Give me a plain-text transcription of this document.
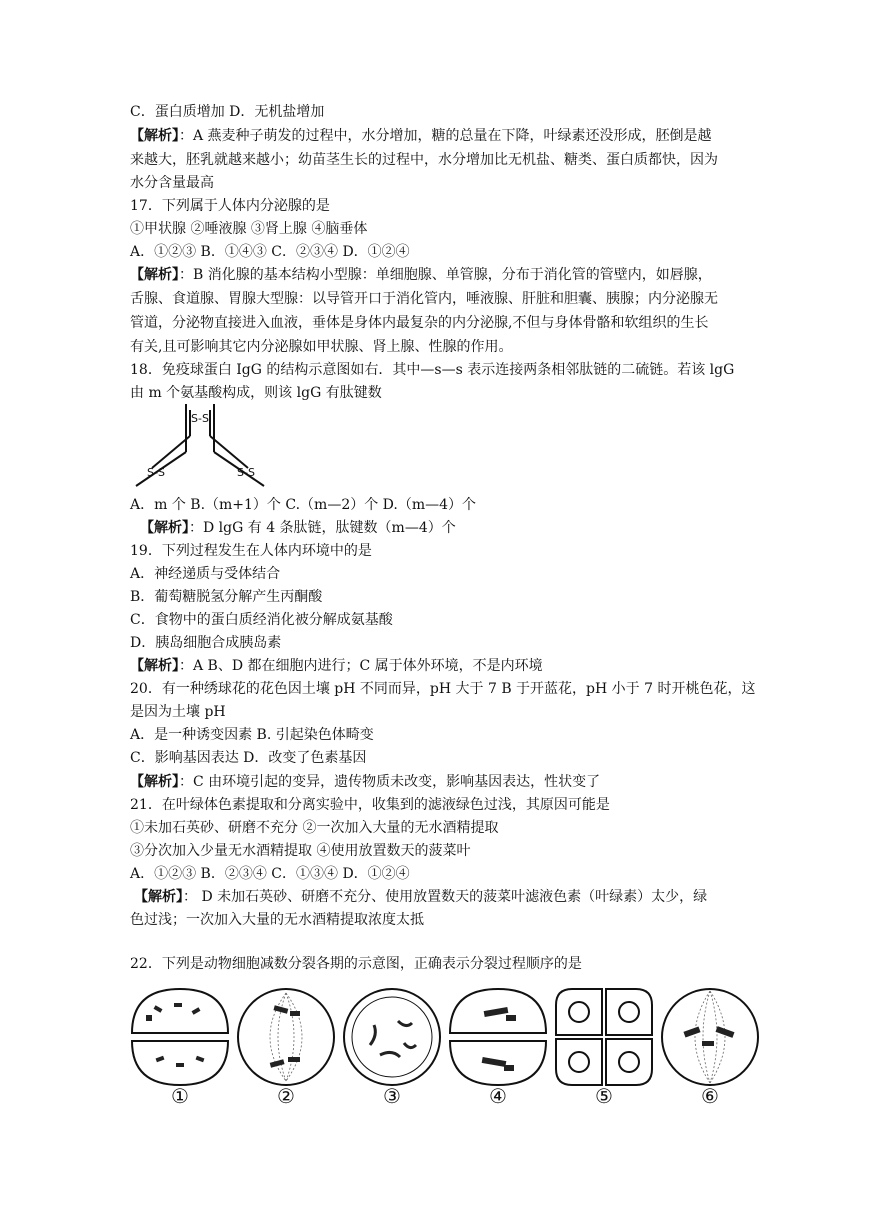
C．蛋白质增加 D．无机盐增加
【解析】：A 燕麦种子萌发的过程中，水分增加，糖的总量在下降，叶绿素还没形成，胚倒是越
来越大，胚乳就越来越小；幼苗茎生长的过程中，水分增加比无机盐、糖类、蛋白质都快，因为
水分含量最高
17．下列属于人体内分泌腺的是
①甲状腺 ②唾液腺 ③肾上腺 ④脑垂体
A．①②③ B．①④③ C．②③④ D．①②④
【解析】：B 消化腺的基本结构小型腺：单细胞腺、单管腺，分布于消化管的管壁内，如唇腺，
舌腺、食道腺、胃腺大型腺：以导管开口于消化管内，唾液腺、肝脏和胆囊、胰腺；内分泌腺无
管道，分泌物直接进入血液，垂体是身体内最复杂的内分泌腺,不但与身体骨骼和软组织的生长
有关,且可影响其它内分泌腺如甲状腺、肾上腺、性腺的作用。
18．免疫球蛋白 IgG 的结构示意图如右．其中—s—s 表示连接两条相邻肽链的二硫链。若该 lgG
由 m 个氨基酸构成，则该 lgG 有肽键数
S-S
S-S	S-S
A．m 个 B.（m+1）个 C.（m—2）个 D.（m—4）个
【解析】：D lgG 有 4 条肽链，肽键数（m—4）个
19．下列过程发生在人体内环境中的是
A．神经递质与受体结合
B．葡萄糖脱氢分解产生丙酮酸
C．食物中的蛋白质经消化被分解成氨基酸
D．胰岛细胞合成胰岛素
【解析】：A B、D 都在细胞内进行；C 属于体外环境，不是内环境
20．有一种绣球花的花色因土壤 pH 不同而异，pH 大于 7 B 于开蓝花，pH 小于 7 时开桃色花，这
是因为土壤 pH
A．是一种诱变因素 B. 引起染色体畸变
C．影响基因表达 D．改变了色素基因
【解析】：C 由环境引起的变异，遗传物质未改变，影响基因表达，性状变了
21．在叶绿体色素提取和分离实验中，收集到的滤液绿色过浅，其原因可能是
①未加石英砂、研磨不充分 ②一次加入大量的无水酒精提取
③分次加入少量无水酒精提取 ④使用放置数天的菠菜叶
A．①②③ B．②③④ C．①③④ D．①②④
【解析】： D 未加石英砂、研磨不充分、使用放置数天的菠菜叶滤液色素（叶绿素）太少，绿
色过浅；一次加入大量的无水酒精提取浓度太抵
22．下列是动物细胞减数分裂各期的示意图，正确表示分裂过程顺序的是
①	②	③	④	⑤	⑥
